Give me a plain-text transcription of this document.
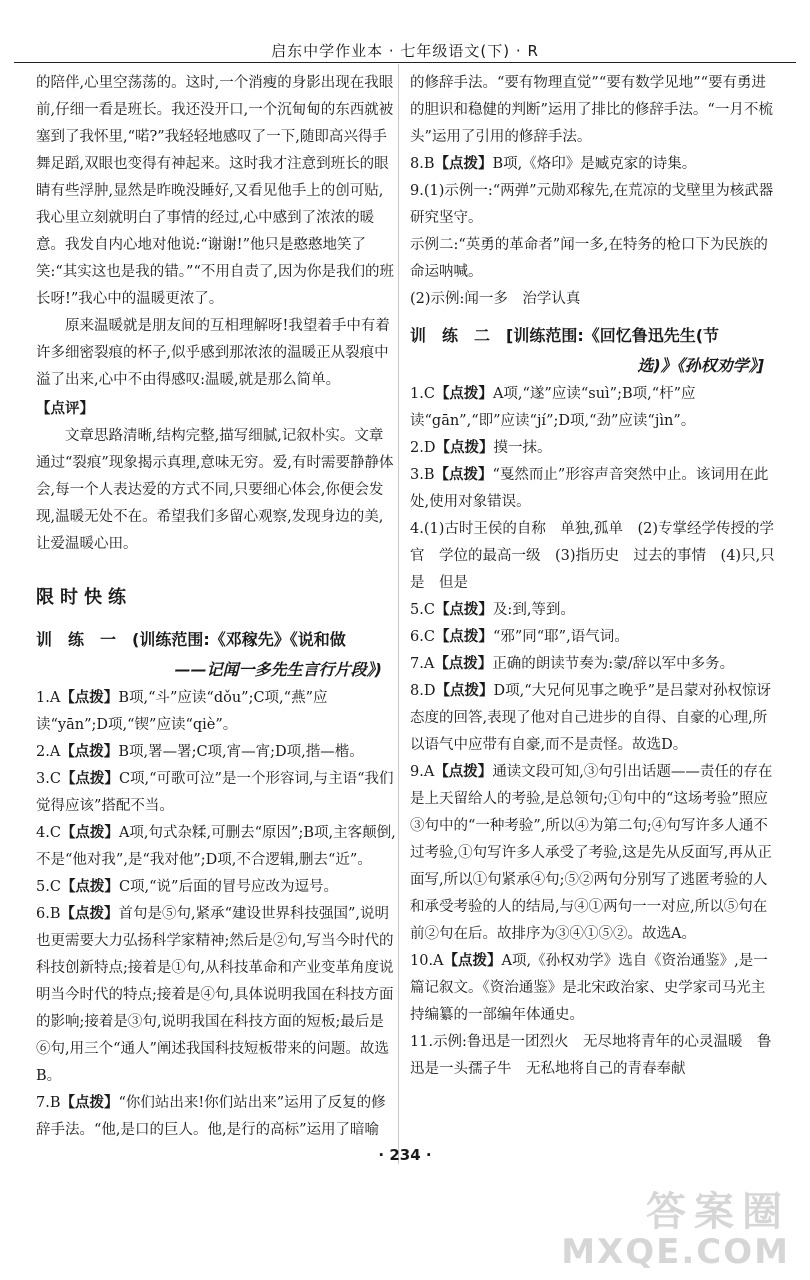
启东中学作业本 · 七年级语文(下) · R

的陪伴,心里空荡荡的。这时,一个消瘦的身影出现在我眼前,仔细一看是班长。我还没开口,一个沉甸甸的东西就被塞到了我怀里,“喏?”我轻轻地感叹了一下,随即高兴得手舞足蹈,双眼也变得有神起来。这时我才注意到班长的眼睛有些浮肿,显然是昨晚没睡好,又看见他手上的创可贴,我心里立刻就明白了事情的经过,心中感到了浓浓的暖意。我发自内心地对他说:“谢谢!”他只是憨憨地笑了笑:“其实这也是我的错。”“不用自责了,因为你是我们的班长呀!”我心中的温暖更浓了。

原来温暖就是朋友间的互相理解呀!我望着手中有着许多细密裂痕的杯子,似乎感到那浓浓的温暖正从裂痕中溢了出来,心中不由得感叹:温暖,就是那么简单。

【点评】

文章思路清晰,结构完整,描写细腻,记叙朴实。文章通过“裂痕”现象揭示真理,意味无穷。爱,有时需要静静体会,每一个人表达爱的方式不同,只要细心体会,你便会发现,温暖无处不在。希望我们多留心观察,发现身边的美,让爱温暖心田。

限时快练
训　练　一　(训练范围:《邓稼先》《说和做
——记闻一多先生言行片段》)

1.A【点拨】B项,“斗”应读“dǒu”;C项,“燕”应读“yān”;D项,“锲”应读“qiè”。

2.A【点拨】B项,署—署;C项,宵—宵;D项,揩—楷。

3.C【点拨】C项,“可歌可泣”是一个形容词,与主语“我们觉得应该”搭配不当。

4.C【点拨】A项,句式杂糅,可删去“原因”;B项,主客颠倒,不是“他对我”,是“我对他”;D项,不合逻辑,删去“近”。

5.C【点拨】C项,“说”后面的冒号应改为逗号。

6.B【点拨】首句是⑤句,紧承“建设世界科技强国”,说明也更需要大力弘扬科学家精神;然后是②句,写当今时代的科技创新特点;接着是①句,从科技革命和产业变革角度说明当今时代的特点;接着是④句,具体说明我国在科技方面的影响;接着是③句,说明我国在科技方面的短板;最后是⑥句,用三个“通人”阐述我国科技短板带来的问题。故选B。

7.B【点拨】“你们站出来!你们站出来”运用了反复的修辞手法。“他,是口的巨人。他,是行的高标”运用了暗喻

的修辞手法。“要有物理直觉”“要有数学见地”“要有勇进的胆识和稳健的判断”运用了排比的修辞手法。“一月不梳头”运用了引用的修辞手法。

8.B【点拨】B项,《烙印》是臧克家的诗集。

9.(1)示例一:“两弹”元勋邓稼先,在荒凉的戈壁里为核武器研究坚守。

示例二:“英勇的革命者”闻一多,在特务的枪口下为民族的命运呐喊。

(2)示例:闻一多　治学认真

训　练　二　[训练范围:《回忆鲁迅先生(节
选)》《孙权劝学》]

1.C【点拨】A项,“遂”应读“suì”;B项,“杆”应读“gān”,“即”应读“jí”;D项,“劲”应读“jìn”。

2.D【点拨】摸一抹。

3.B【点拨】“戛然而止”形容声音突然中止。该词用在此处,使用对象错误。

4.(1)古时王侯的自称　单独,孤单　(2)专掌经学传授的学官　学位的最高一级　(3)指历史　过去的事情　(4)只,只是　但是

5.C【点拨】及:到,等到。

6.C【点拨】“邪”同“耶”,语气词。

7.A【点拨】正确的朗读节奏为:蒙/辞以军中多务。

8.D【点拨】D项,“大兄何见事之晚乎”是吕蒙对孙权惊讶态度的回答,表现了他对自己进步的自得、自豪的心理,所以语气中应带有自豪,而不是责怪。故选D。

9.A【点拨】通读文段可知,③句引出话题——责任的存在是上天留给人的考验,是总领句;①句中的“这场考验”照应③句中的“一种考验”,所以④为第二句;④句写许多人通不过考验,①句写许多人承受了考验,这是先从反面写,再从正面写,所以①句紧承④句;⑤②两句分别写了逃匿考验的人和承受考验的人的结局,与④①两句一一对应,所以⑤句在前②句在后。故排序为③④①⑤②。故选A。

10.A【点拨】A项,《孙权劝学》选自《资治通鉴》,是一篇记叙文。《资治通鉴》是北宋政治家、史学家司马光主持编纂的一部编年体通史。

11.示例:鲁迅是一团烈火　无尽地将青年的心灵温暖　鲁迅是一头孺子牛　无私地将自己的青春奉献

· 234 ·
答案圈
MXQE.COM
